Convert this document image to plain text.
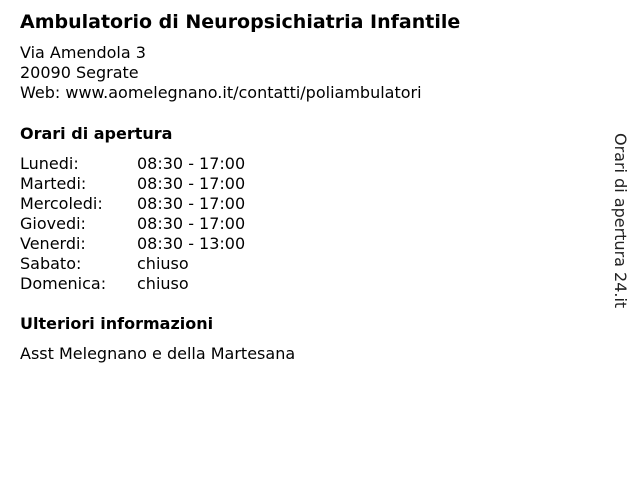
Ambulatorio di Neuropsichiatria Infantile
Via Amendola 3
20090 Segrate
Web: www.aomelegnano.it/contatti/poliambulatori
Orari di apertura
Lunedi:	08:30 - 17:00
Martedi:	08:30 - 17:00
Mercoledi:	08:30 - 17:00
Giovedi:	08:30 - 17:00
Venerdi:	08:30 - 13:00
Sabato:	chiuso
Domenica:	chiuso
Ulteriori informazioni
Asst Melegnano e della Martesana
Orari di apertura 24.it
